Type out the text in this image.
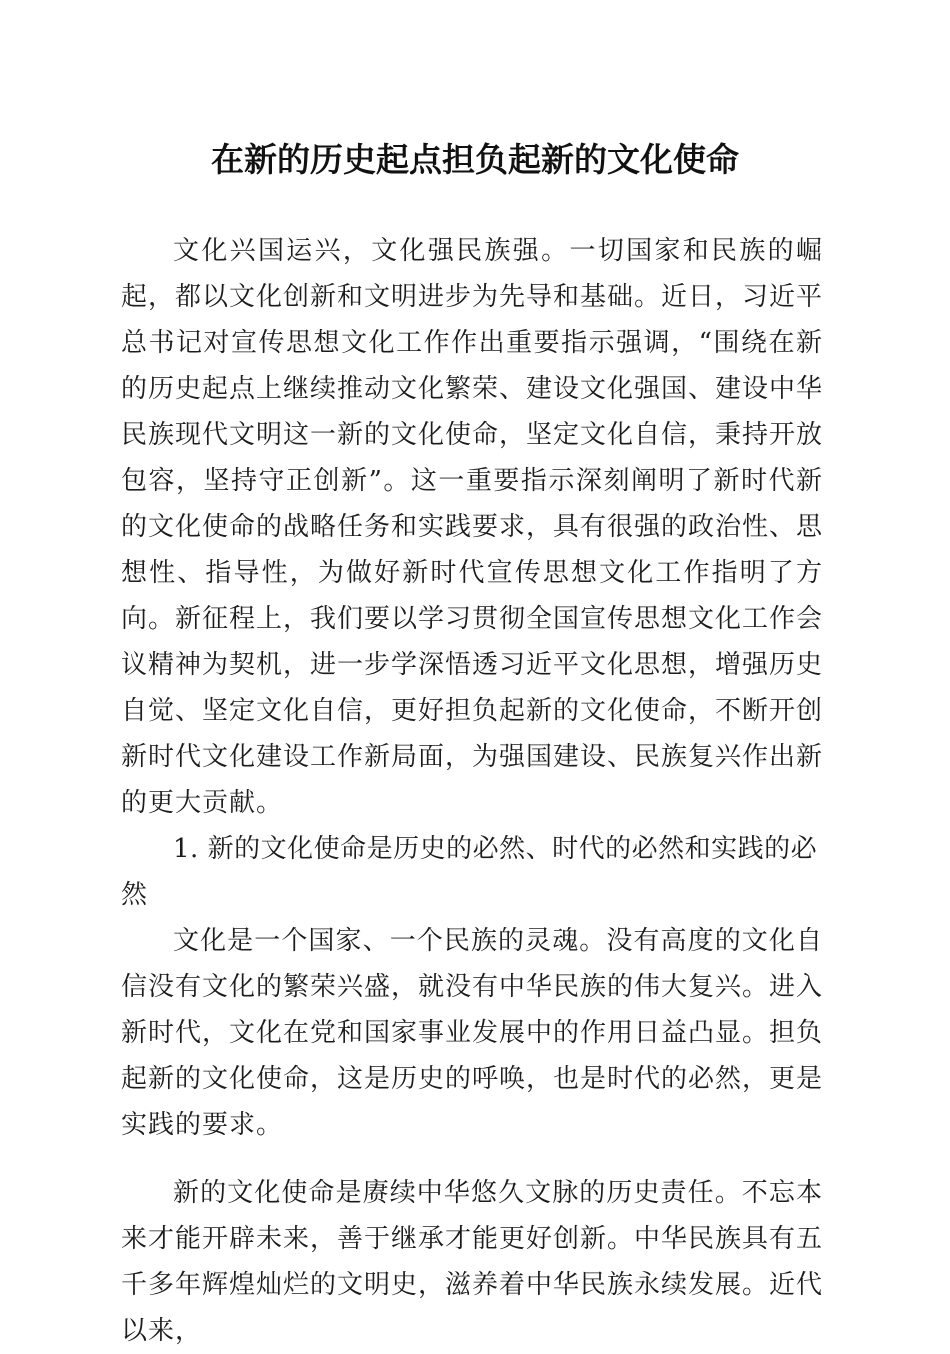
在新的历史起点担负起新的文化使命

文化兴国运兴，文化强民族强。一切国家和民族的崛起，都以文化创新和文明进步为先导和基础。近日，习近平总书记对宣传思想文化工作作出重要指示强调，“围绕在新的历史起点上继续推动文化繁荣、建设文化强国、建设中华民族现代文明这一新的文化使命，坚定文化自信，秉持开放包容，坚持守正创新”。这一重要指示深刻阐明了新时代新的文化使命的战略任务和实践要求，具有很强的政治性、思想性、指导性，为做好新时代宣传思想文化工作指明了方向。新征程上，我们要以学习贯彻全国宣传思想文化工作会议精神为契机，进一步学深悟透习近平文化思想，增强历史自觉、坚定文化自信，更好担负起新的文化使命，不断开创新时代文化建设工作新局面，为强国建设、民族复兴作出新的更大贡献。

1. 新的文化使命是历史的必然、时代的必然和实践的必然

文化是一个国家、一个民族的灵魂。没有高度的文化自信没有文化的繁荣兴盛，就没有中华民族的伟大复兴。进入新时代，文化在党和国家事业发展中的作用日益凸显。担负起新的文化使命，这是历史的呼唤，也是时代的必然，更是实践的要求。

新的文化使命是赓续中华悠久文脉的历史责任。不忘本来才能开辟未来，善于继承才能更好创新。中华民族具有五千多年辉煌灿烂的文明史，滋养着中华民族永续发展。近代以来，
